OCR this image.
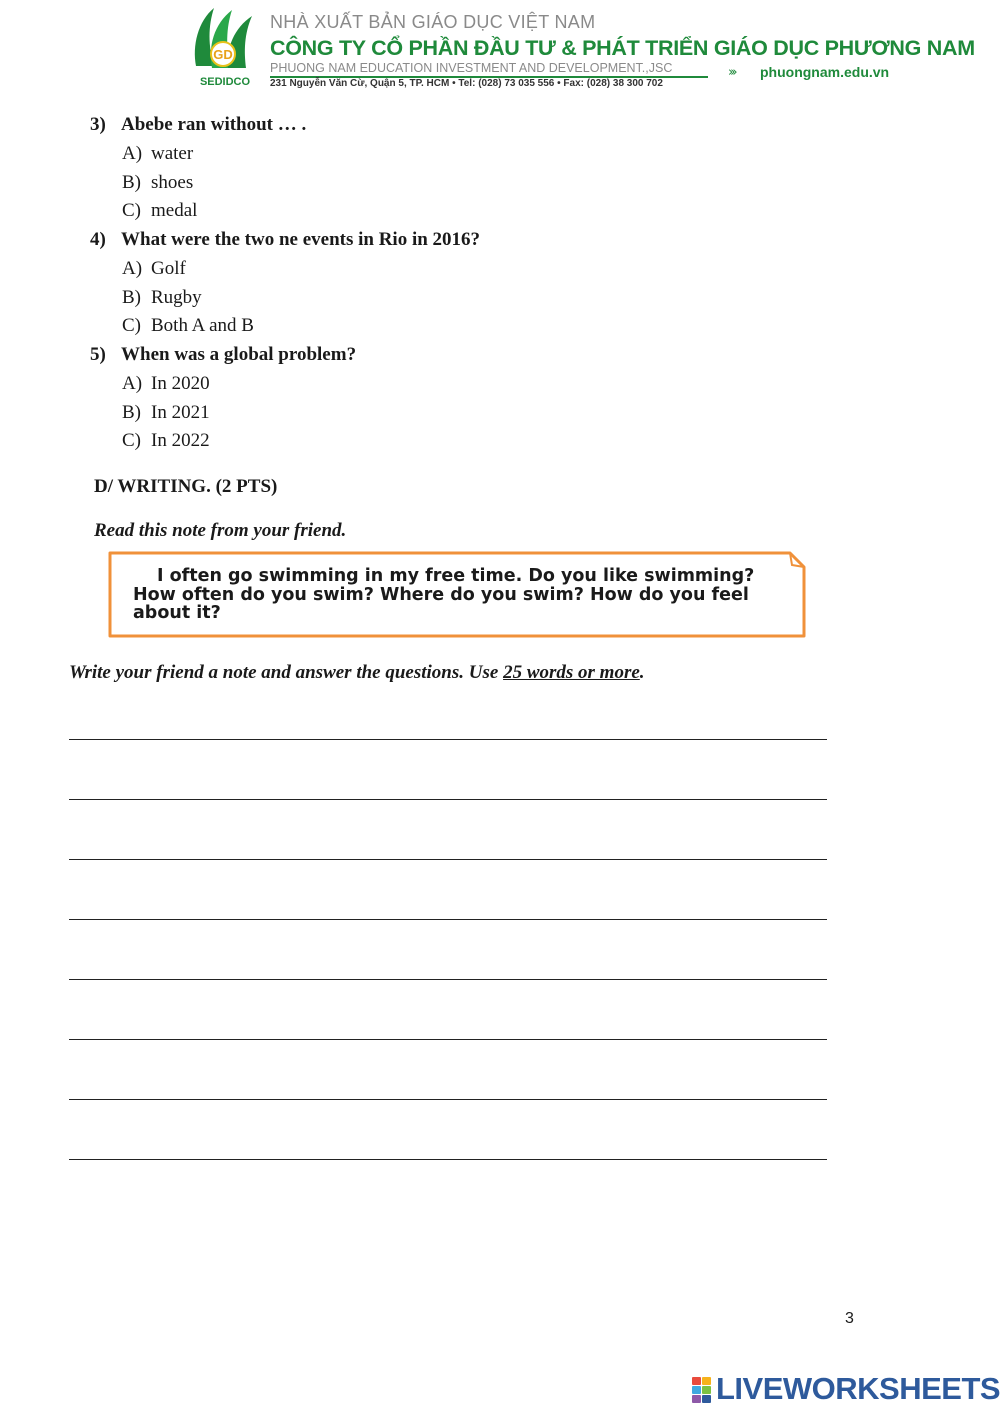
GD
SEDIDCO
NHÀ XUẤT BẢN GIÁO DỤC VIỆT NAM
CÔNG TY CỔ PHẦN ĐẦU TƯ & PHÁT TRIỂN GIÁO DỤC PHƯƠNG NAM
PHUONG NAM EDUCATION INVESTMENT AND DEVELOPMENT.,JSC
231 Nguyễn Văn Cừ, Quận 5, TP. HCM • Tel: (028) 73 035 556 • Fax: (028) 38 300 702
››› phuongnam.edu.vn
3) Abebe ran without … .
A) water
B) shoes
C) medal
4) What were the two ne events in Rio in 2016?
A) Golf
B) Rugby
C) Both A and B
5) When was a global problem?
A) In 2020
B) In 2021
C) In 2022
D/ WRITING. (2 PTS)
Read this note from your friend.
I often go swimming in my free time. Do you like swimming?
How often do you swim? Where do you swim? How do you feel
about it?
Write your friend a note and answer the questions. Use 25 words or more.
3
LIVEWORKSHEETS
